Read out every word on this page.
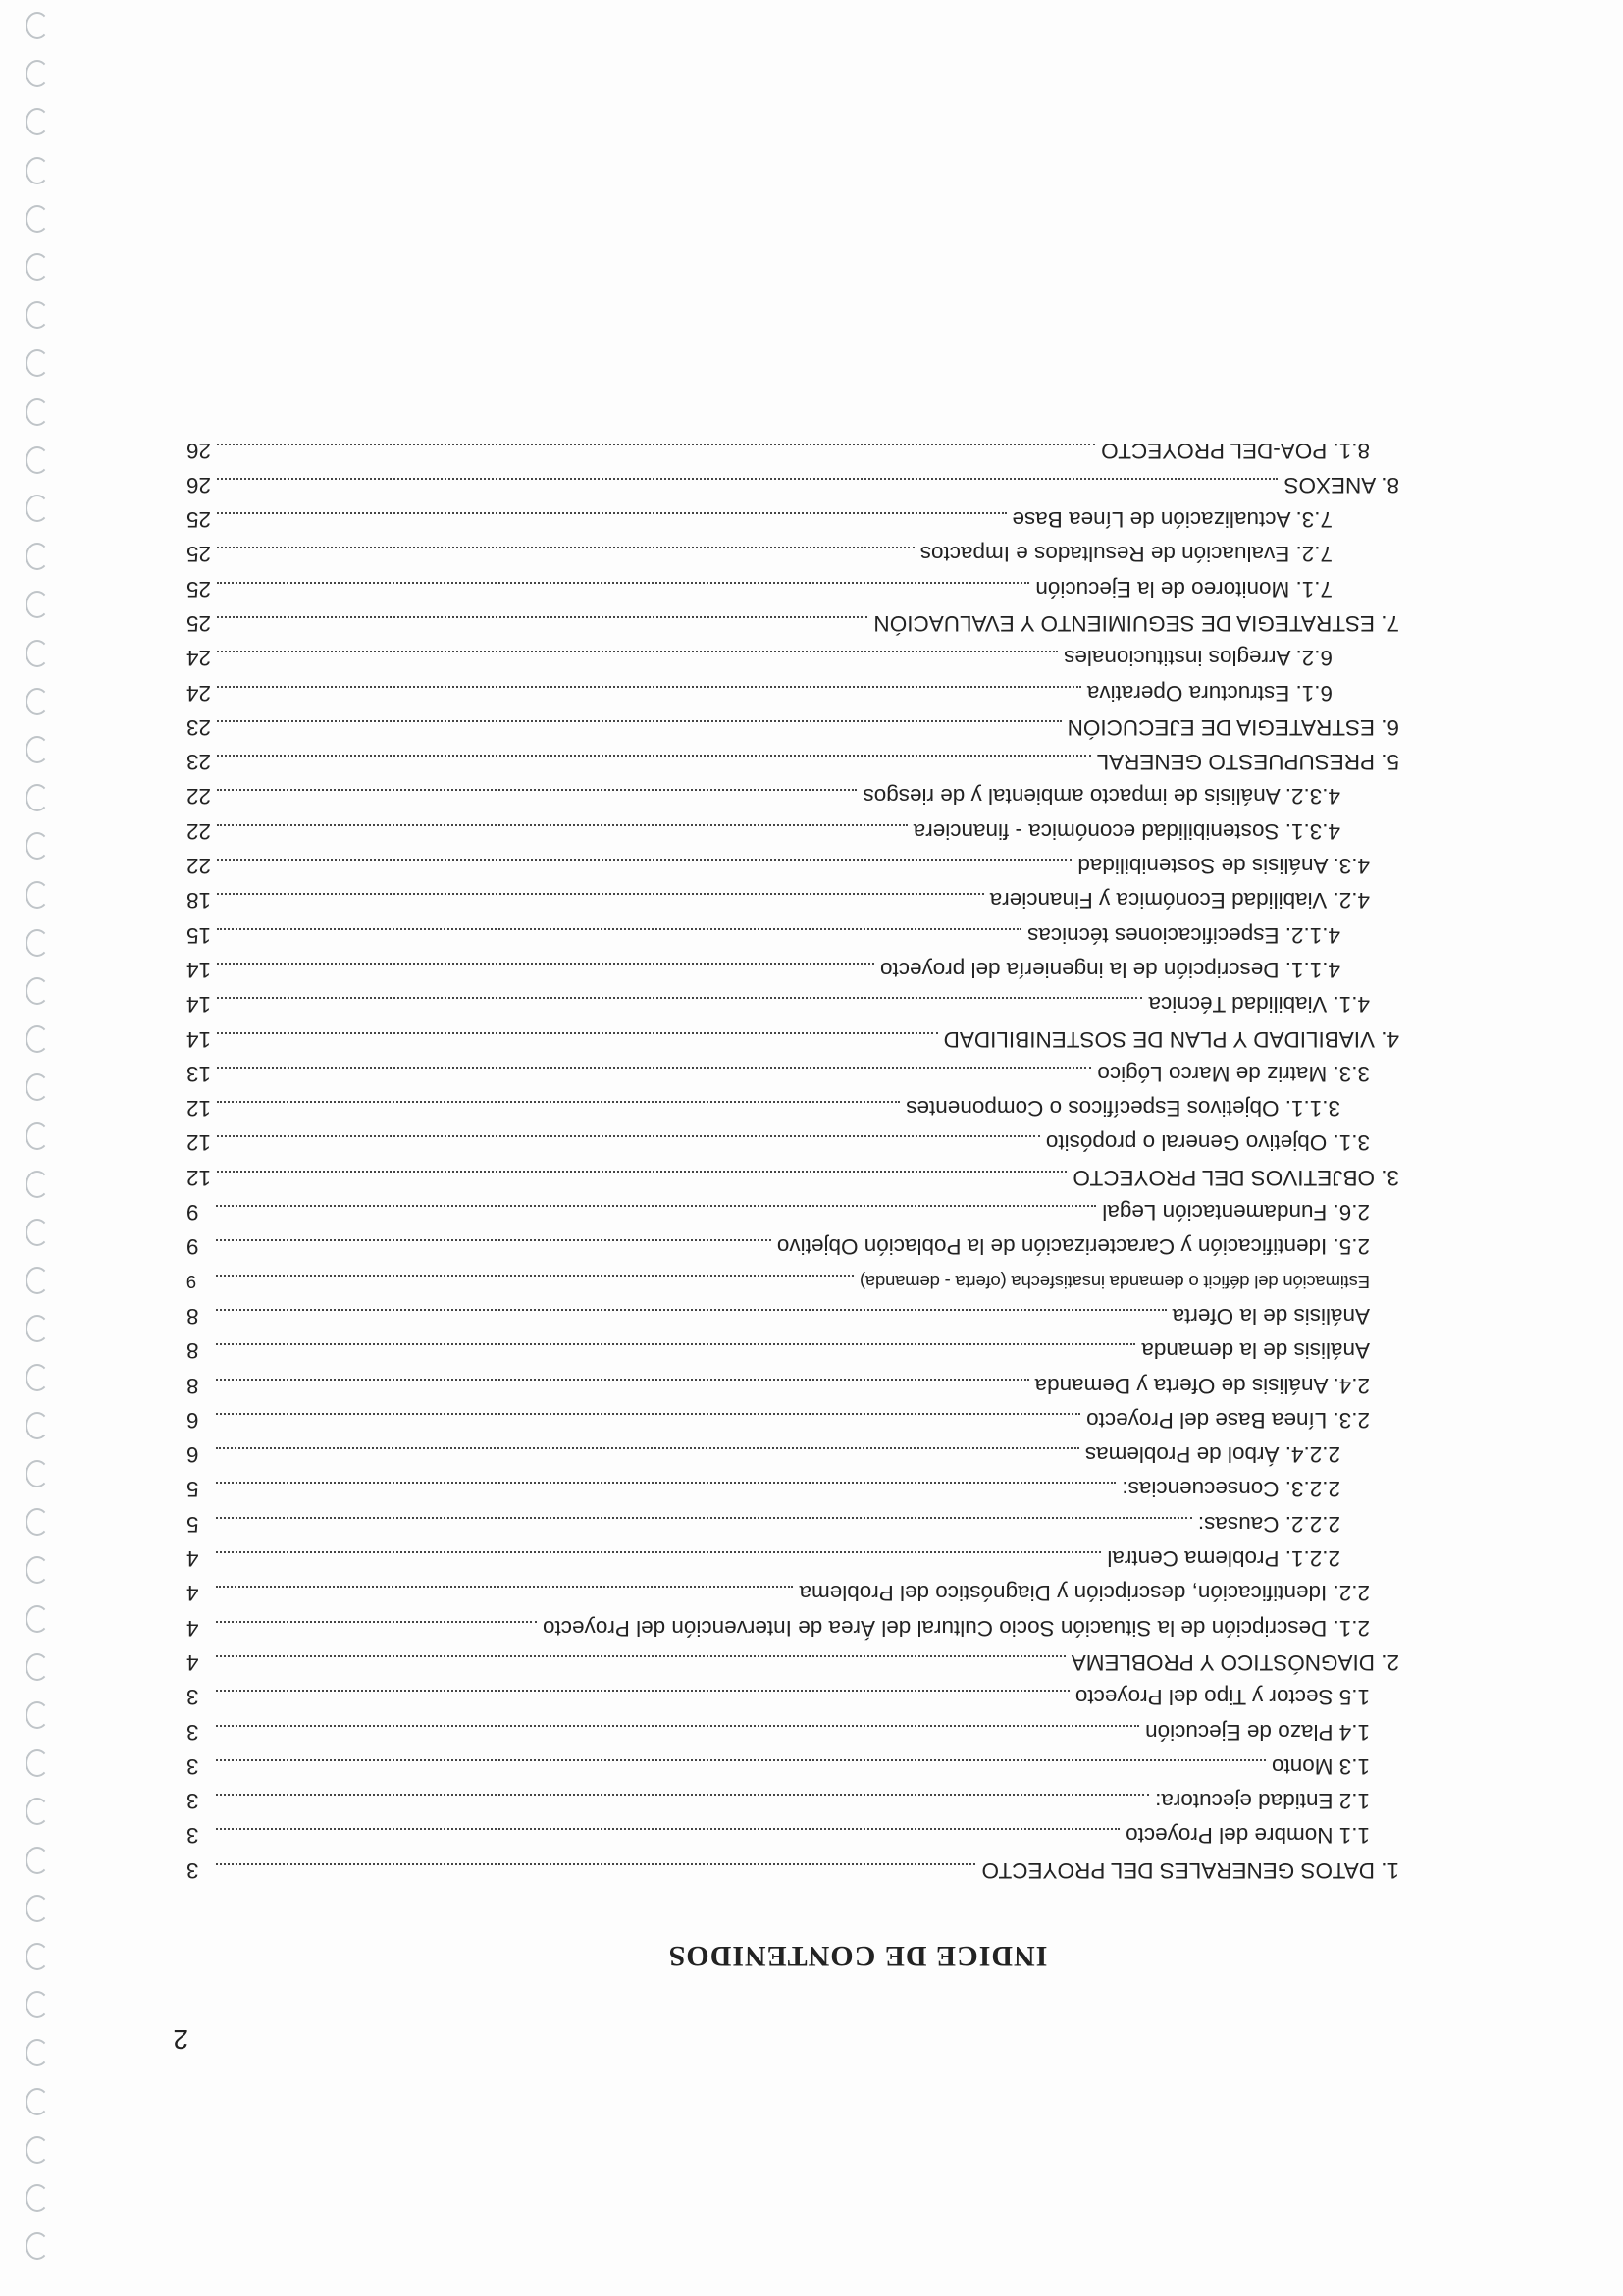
2
INDICE DE CONTENIDOS
1. DATOS GENERALES DEL PROYECTO
3
1.1 Nombre del Proyecto
3
1.2 Entidad ejecutora:
3
1.3 Monto
3
1.4 Plazo de Ejecución
3
1.5 Sector y Tipo del Proyecto
3
2. DIAGNÓSTICO Y PROBLEMA
4
2.1. Descripción de la Situación Socio Cultural del Área de Intervención del Proyecto
4
2.2. Identificación, descripción y Diagnóstico del Problema
4
2.2.1. Problema Central
4
2.2.2. Causas:
5
2.2.3. Consecuencias:
5
2.2.4. Árbol de Problemas
6
2.3. Línea Base del Proyecto
6
2.4. Análisis de Oferta y Demanda
8
Análisis de la demanda
8
Análisis de la Oferta
8
Estimación del déficit o demanda insatisfecha (oferta - demanda)
9
2.5. Identificación y Caracterización de la Población Objetivo
9
2.6. Fundamentación Legal
9
3. OBJETIVOS DEL PROYECTO
12
3.1. Objetivo General o propósito
12
3.1.1. Objetivos Específicos o Componentes
12
3.3. Matriz de Marco Lógico
13
4. VIABILIDAD Y PLAN DE SOSTENIBILIDAD
14
4.1. Viabilidad Técnica
14
4.1.1. Descripción de la ingeniería del proyecto
14
4.1.2. Especificaciones técnicas
15
4.2. Viabilidad Económica y Financiera
18
4.3. Análisis de Sostenibilidad
22
4.3.1. Sostenibilidad económica - financiera
22
4.3.2. Análisis de impacto ambiental y de riesgos
22
5. PRESUPUESTO GENERAL
23
6. ESTRATEGIA DE EJECUCIÓN
23
6.1. Estructura Operativa
24
6.2. Arreglos institucionales
24
7. ESTRATEGIA DE SEGUIMIENTO Y EVALUACIÓN
25
7.1. Monitoreo de la Ejecución
25
7.2. Evaluación de Resultados e Impactos
25
7.3. Actualización de Línea Base
25
8. ANEXOS
26
8.1. POA-DEL PROYECTO
26
